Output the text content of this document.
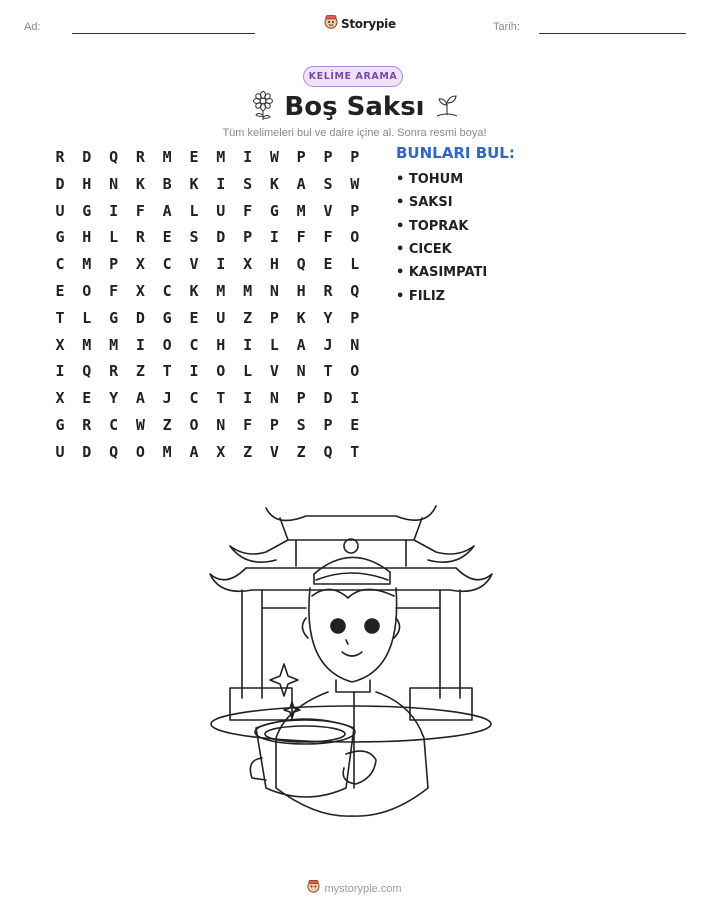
Ad:	Storypie	Tarih:
KELİME ARAMA
Boş Saksı
Tüm kelimeleri bul ve daire içine al. Sonra resmi boya!
R	D	Q	R	M	E	M	I	W	P	P	P
D	H	N	K	B	K	I	S	K	A	S	W
U	G	I	F	A	L	U	F	G	M	V	P
G	H	L	R	E	S	D	P	I	F	F	O
C	M	P	X	C	V	I	X	H	Q	E	L
E	O	F	X	C	K	M	M	N	H	R	Q
T	L	G	D	G	E	U	Z	P	K	Y	P
X	M	M	I	O	C	H	I	L	A	J	N
I	Q	R	Z	T	I	O	L	V	N	T	O
X	E	Y	A	J	C	T	I	N	P	D	I
G	R	C	W	Z	O	N	F	P	S	P	E
U	D	Q	O	M	A	X	Z	V	Z	Q	T
BUNLARI BUL:
• TOHUM
• SAKSI
• TOPRAK
• CICEK
• KASIMPATI
• FILIZ
mystorypie.com
